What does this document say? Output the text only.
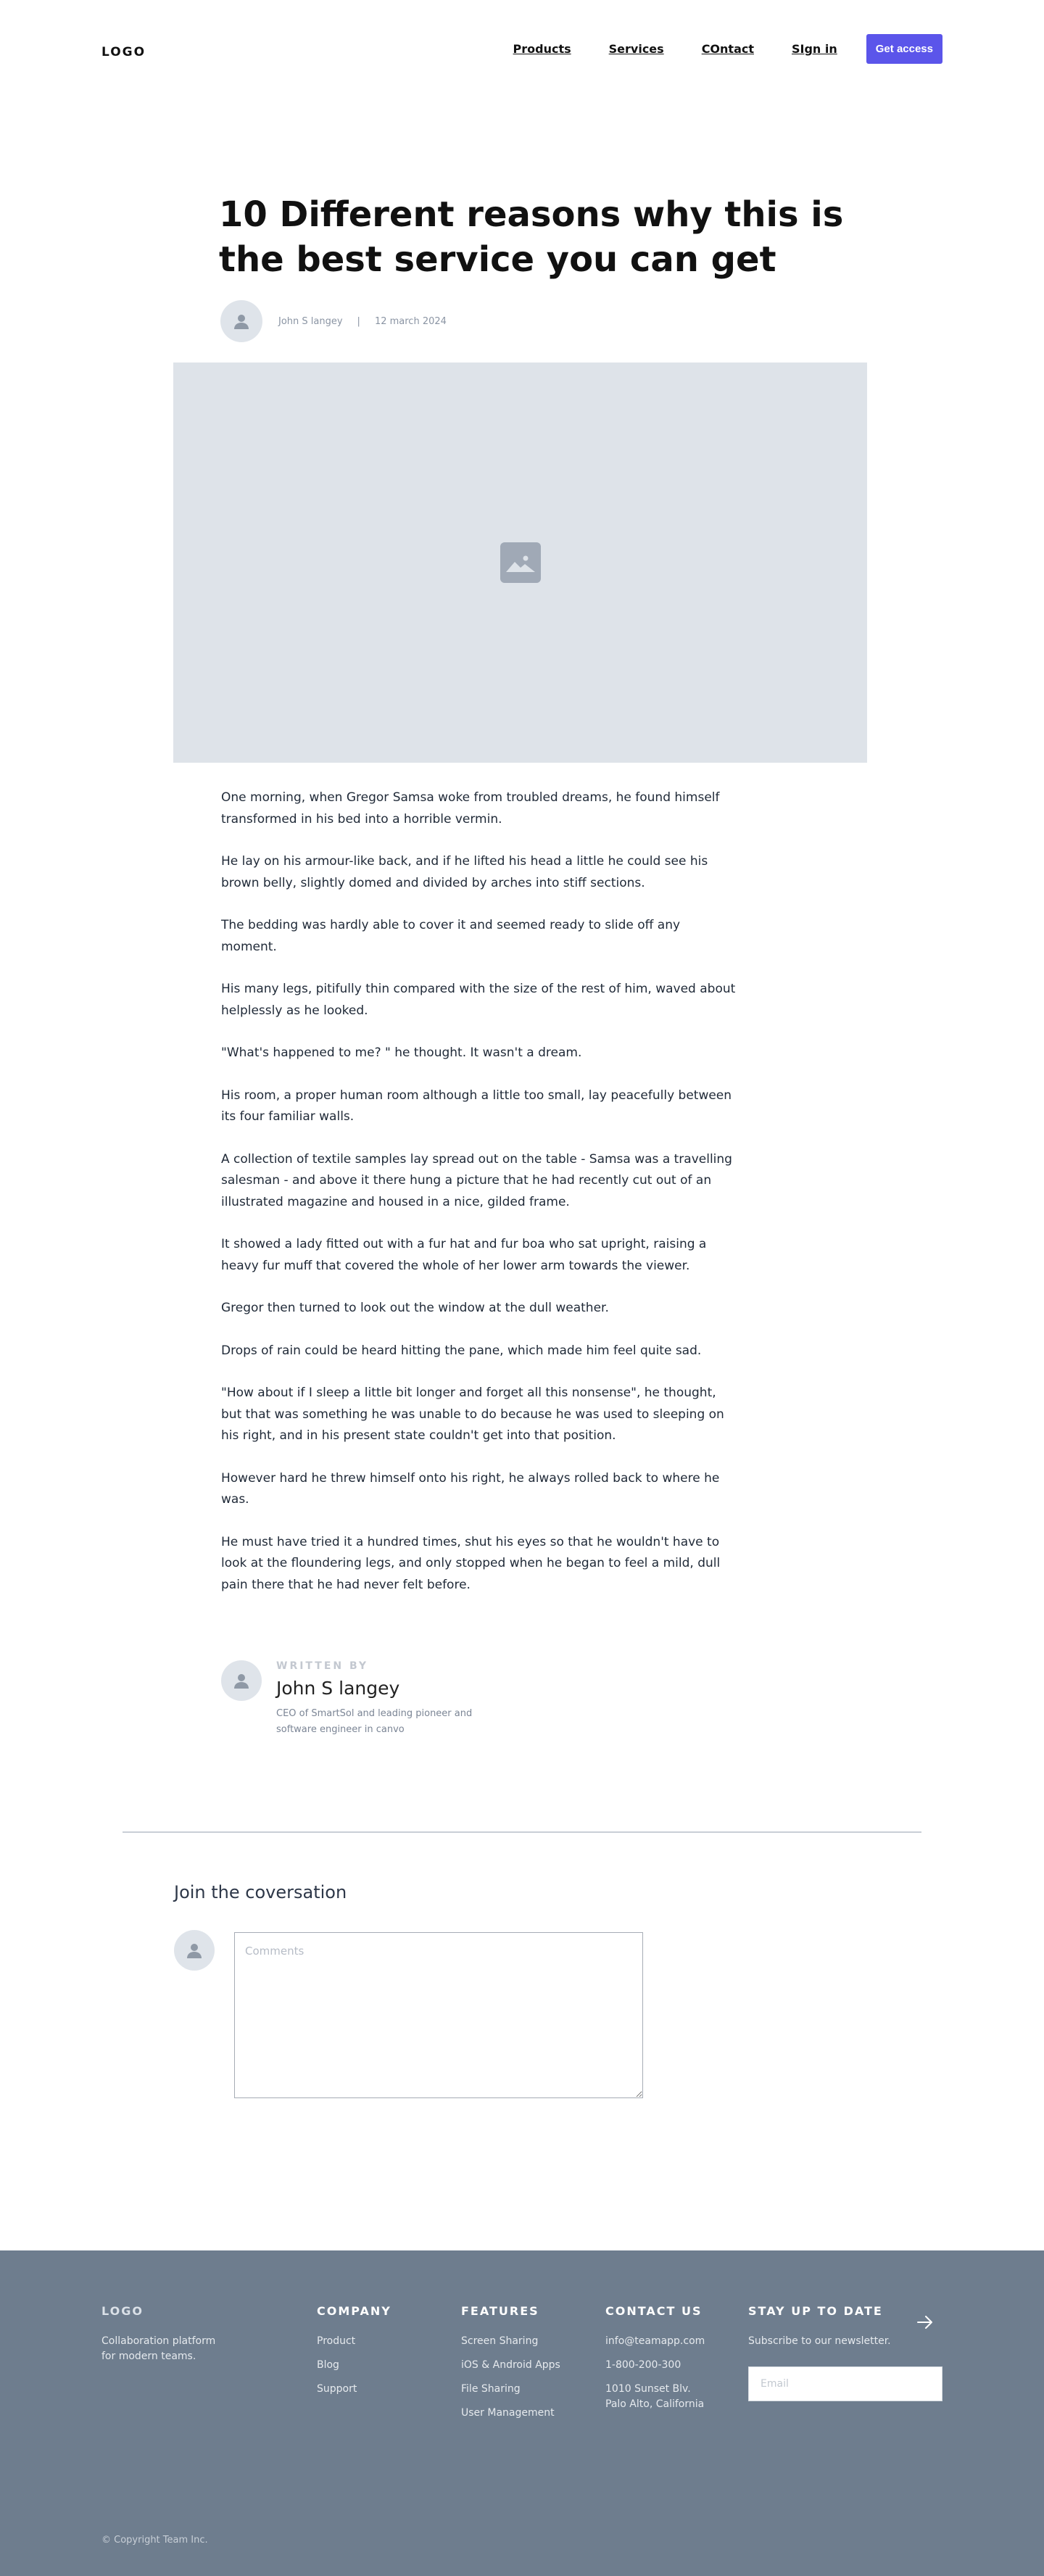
LOGO	Products	Services	COntact	SIgn in	Get access
10 Different reasons why this is the best service you can get
John S langey | 12 march 2024

One morning, when Gregor Samsa woke from troubled dreams, he found himself transformed in his bed into a horrible vermin.

He lay on his armour-like back, and if he lifted his head a little he could see his brown belly, slightly domed and divided by arches into stiff sections.

The bedding was hardly able to cover it and seemed ready to slide off any moment.

His many legs, pitifully thin compared with the size of the rest of him, waved about helplessly as he looked.

"What's happened to me? " he thought. It wasn't a dream.

His room, a proper human room although a little too small, lay peacefully between its four familiar walls.

A collection of textile samples lay spread out on the table - Samsa was a travelling salesman - and above it there hung a picture that he had recently cut out of an illustrated magazine and housed in a nice, gilded frame.

It showed a lady fitted out with a fur hat and fur boa who sat upright, raising a heavy fur muff that covered the whole of her lower arm towards the viewer.

Gregor then turned to look out the window at the dull weather.

Drops of rain could be heard hitting the pane, which made him feel quite sad.

"How about if I sleep a little bit longer and forget all this nonsense", he thought, but that was something he was unable to do because he was used to sleeping on his right, and in his present state couldn't get into that position.

However hard he threw himself onto his right, he always rolled back to where he was.

He must have tried it a hundred times, shut his eyes so that he wouldn't have to look at the floundering legs, and only stopped when he began to feel a mild, dull pain there that he had never felt before.

WRITTEN BY
John S langey
CEO of SmartSol and leading pioneer and software engineer in canvo
Join the coversation
Comments
LOGO
Collaboration platform for modern teams.
COMPANY
Product
Blog
Support
FEATURES
Screen Sharing
iOS & Android Apps
File Sharing
User Management
CONTACT US
info@teamapp.com
1-800-200-300
1010 Sunset Blv. Palo Alto, California
STAY UP TO DATE
Subscribe to our newsletter.
Email
© Copyright Team Inc.
